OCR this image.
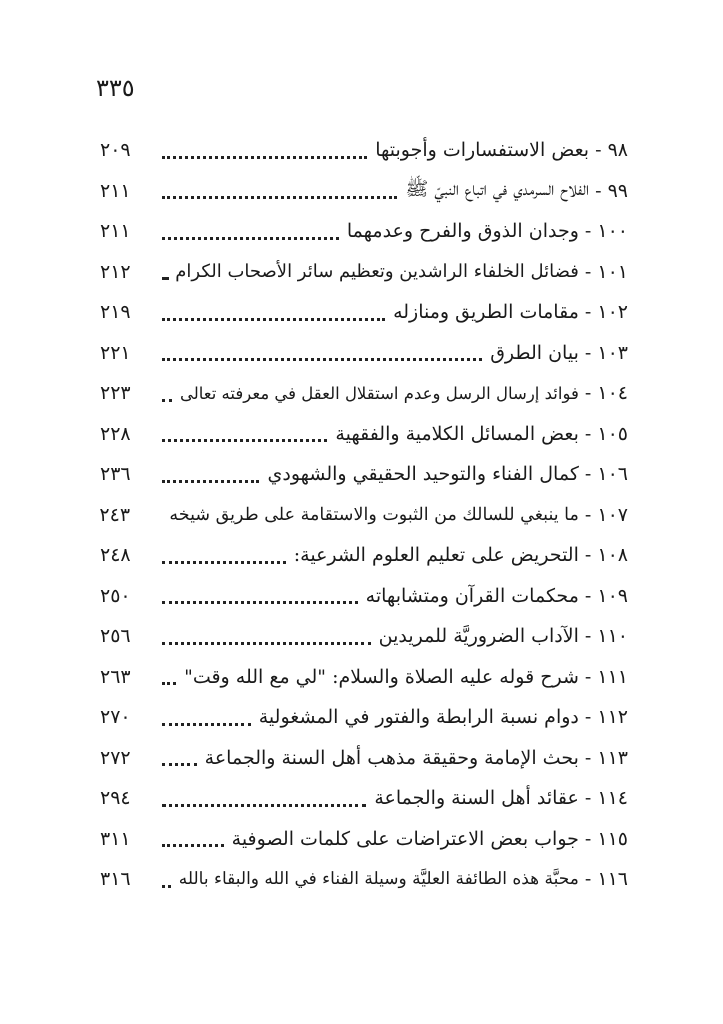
٣٣٥
٩٨
-
بعض الاستفسارات وأجوبتها
٢٠٩
٩٩
-
الفلاح السرمدي في اتباع النبيّ ﷺ
٢١١
١٠٠
-
وجدان الذوق والفرح وعدمهما
٢١١
١٠١
-
فضائل الخلفاء الراشدين وتعظيم سائر الأصحاب الكرام
٢١٢
١٠٢
-
مقامات الطريق ومنازله
٢١٩
١٠٣
-
بيان الطرق
٢٢١
١٠٤
-
فوائد إرسال الرسل وعدم استقلال العقل في معرفته تعالى
٢٢٣
١٠٥
-
بعض المسائل الكلامية والفقهية
٢٢٨
١٠٦
-
كمال الفناء والتوحيد الحقيقي والشهودي
٢٣٦
١٠٧
-
ما ينبغي للسالك من الثبوت والاستقامة على طريق شيخه
٢٤٣
١٠٨
-
التحريض على تعليم العلوم الشرعية:
٢٤٨
١٠٩
-
محكمات القرآن ومتشابهاته
٢٥٠
١١٠
-
الآداب الضروريَّة للمريدين
٢٥٦
١١١
-
شرح قوله عليه الصلاة والسلام: "لي مع الله وقت"
٢٦٣
١١٢
-
دوام نسبة الرابطة والفتور في المشغولية
٢٧٠
١١٣
-
بحث الإمامة وحقيقة مذهب أهل السنة والجماعة
٢٧٢
١١٤
-
عقائد أهل السنة والجماعة
٢٩٤
١١٥
-
جواب بعض الاعتراضات على كلمات الصوفية
٣١١
١١٦
-
محبَّة هذه الطائفة العليَّة وسيلة الفناء في الله والبقاء بالله
٣١٦
